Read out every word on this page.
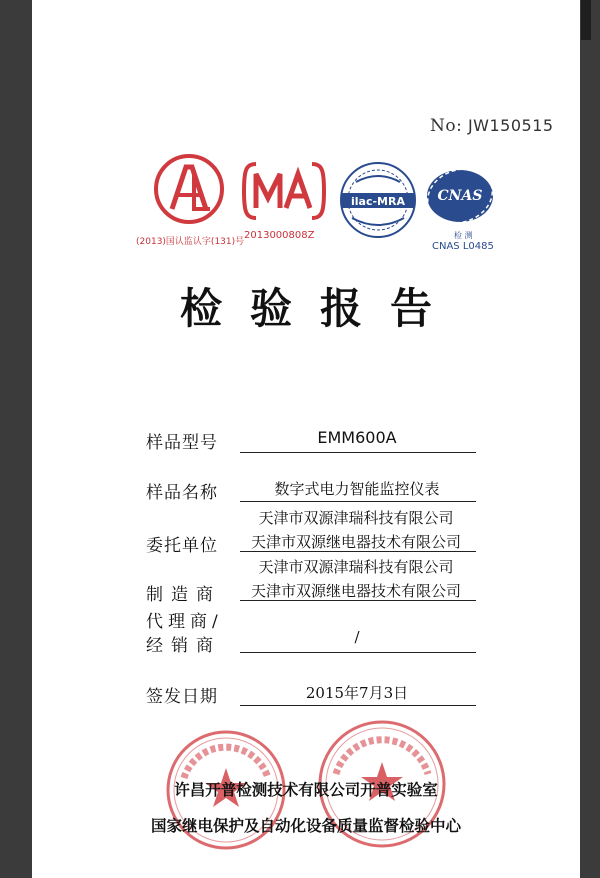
No: JW150515
(2013)国认监认字(131)号
2013000808Z
ilac-MRA CNAS
检 测
CNAS L0485
检验报告
样品型号	EMM600A
样品名称	数字式电力智能监控仪表
天津市双源津瑞科技有限公司
委托单位	天津市双源继电器技术有限公司
天津市双源津瑞科技有限公司
制造商	天津市双源继电器技术有限公司
代理商/
经销商	/
签发日期	2015年7月3日
许昌开普检测技术有限公司开普实验室
国家继电保护及自动化设备质量监督检验中心
